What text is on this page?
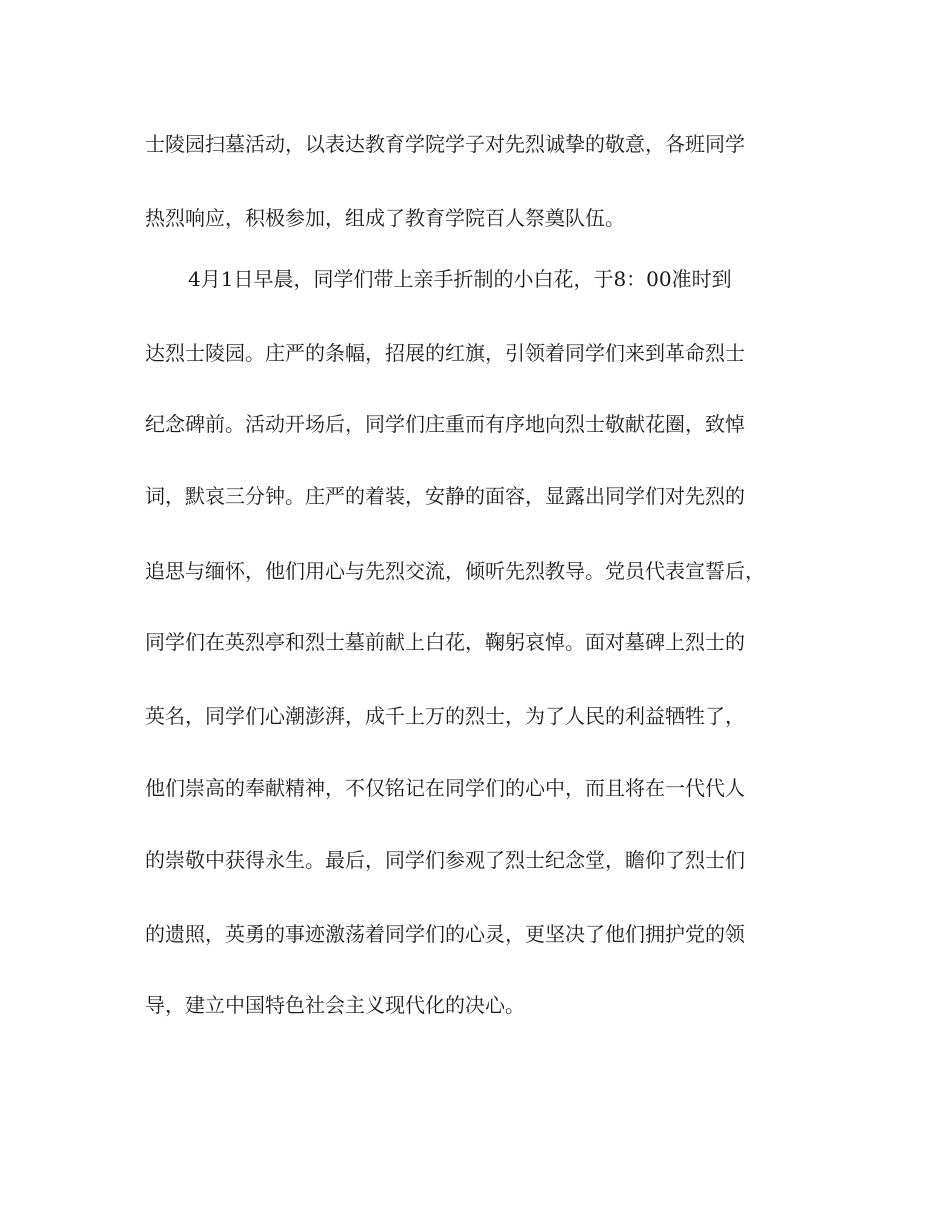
士陵园扫墓活动，以表达教育学院学子对先烈诚挚的敬意，各班同学

热烈响应，积极参加，组成了教育学院百人祭奠队伍。

4月1日早晨，同学们带上亲手折制的小白花，于8：00准时到

达烈士陵园。庄严的条幅，招展的红旗，引领着同学们来到革命烈士

纪念碑前。活动开场后，同学们庄重而有序地向烈士敬献花圈，致悼

词，默哀三分钟。庄严的着装，安静的面容，显露出同学们对先烈的

追思与缅怀，他们用心与先烈交流，倾听先烈教导。党员代表宣誓后，

同学们在英烈亭和烈士墓前献上白花，鞠躬哀悼。面对墓碑上烈士的

英名，同学们心潮澎湃，成千上万的烈士，为了人民的利益牺牲了，

他们崇高的奉献精神，不仅铭记在同学们的心中，而且将在一代代人

的崇敬中获得永生。最后，同学们参观了烈士纪念堂，瞻仰了烈士们

的遗照，英勇的事迹激荡着同学们的心灵，更坚决了他们拥护党的领

导，建立中国特色社会主义现代化的决心。
